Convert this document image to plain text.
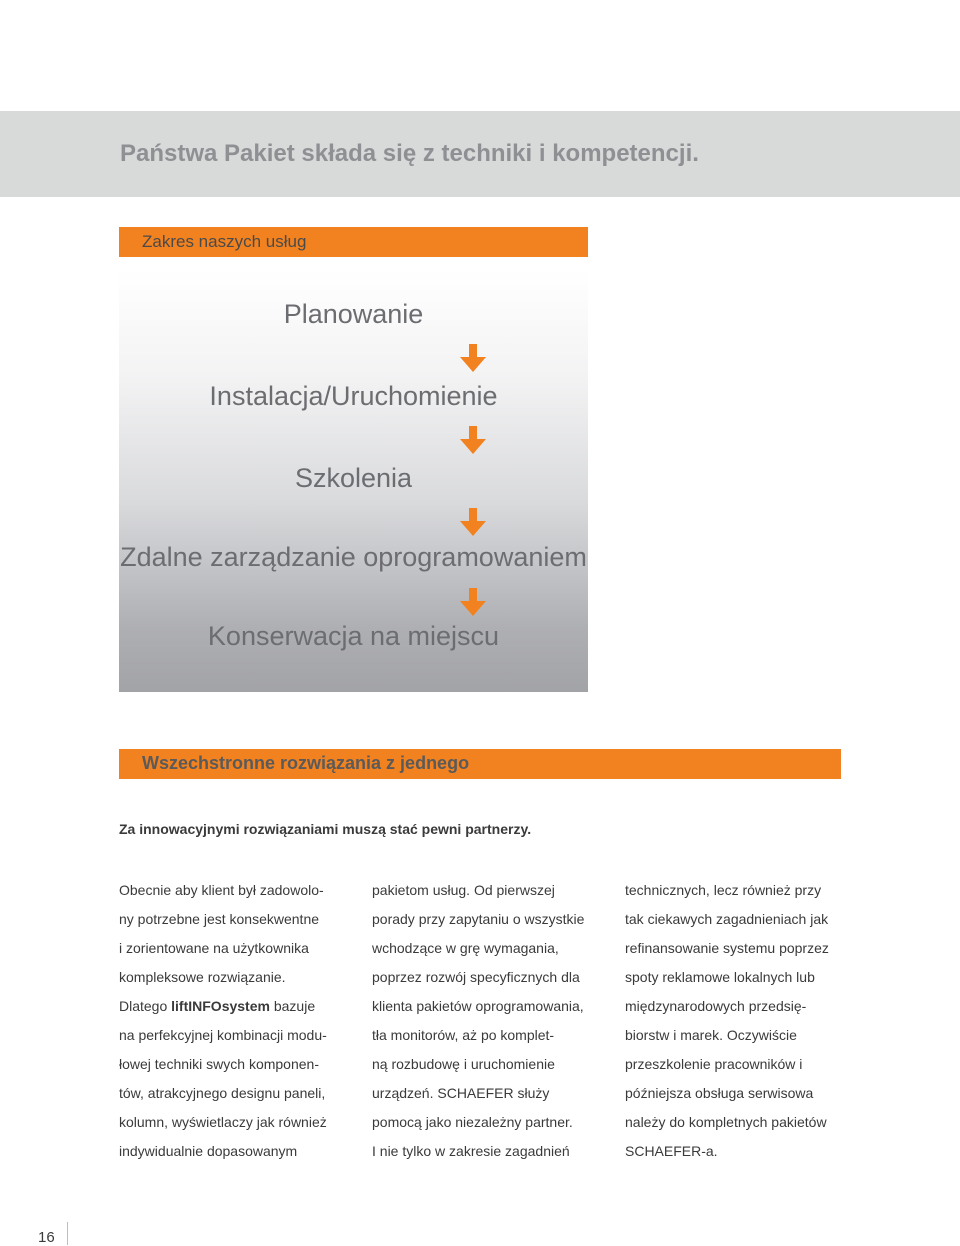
Państwa Pakiet składa się z techniki i kompetencji.
Zakres naszych usług
Planowanie
Instalacja/Uruchomienie
Szkolenia
Zdalne zarządzanie oprogramowaniem
Konserwacja na miejscu
Wszechstronne rozwiązania z jednego
Za innowacyjnymi rozwiązaniami muszą stać pewni partnerzy.
Obecnie aby klient był zadowolo-
ny potrzebne jest konsekwentne
i zorientowane na użytkownika
kompleksowe rozwiązanie.
Dlatego liftINFOsystem bazuje
na perfekcyjnej kombinacji modu-
łowej techniki swych komponen-
tów, atrakcyjnego designu paneli,
kolumn, wyświetlaczy jak również
indywidualnie dopasowanym
pakietom usług. Od pierwszej
porady przy zapytaniu o wszystkie
wchodzące w grę wymagania,
poprzez rozwój specyficznych dla
klienta pakietów oprogramowania,
tła monitorów, aż po komplet-
ną rozbudowę i uruchomienie
urządzeń. SCHAEFER służy
pomocą jako niezależny partner.
I nie tylko w zakresie zagadnień
technicznych, lecz również przy
tak ciekawych zagadnieniach jak
refinansowanie systemu poprzez
spoty reklamowe lokalnych lub
międzynarodowych przedsię-
biorstw i marek. Oczywiście
przeszkolenie pracowników i
późniejsza obsługa serwisowa
należy do kompletnych pakietów
SCHAEFER-a.
16
